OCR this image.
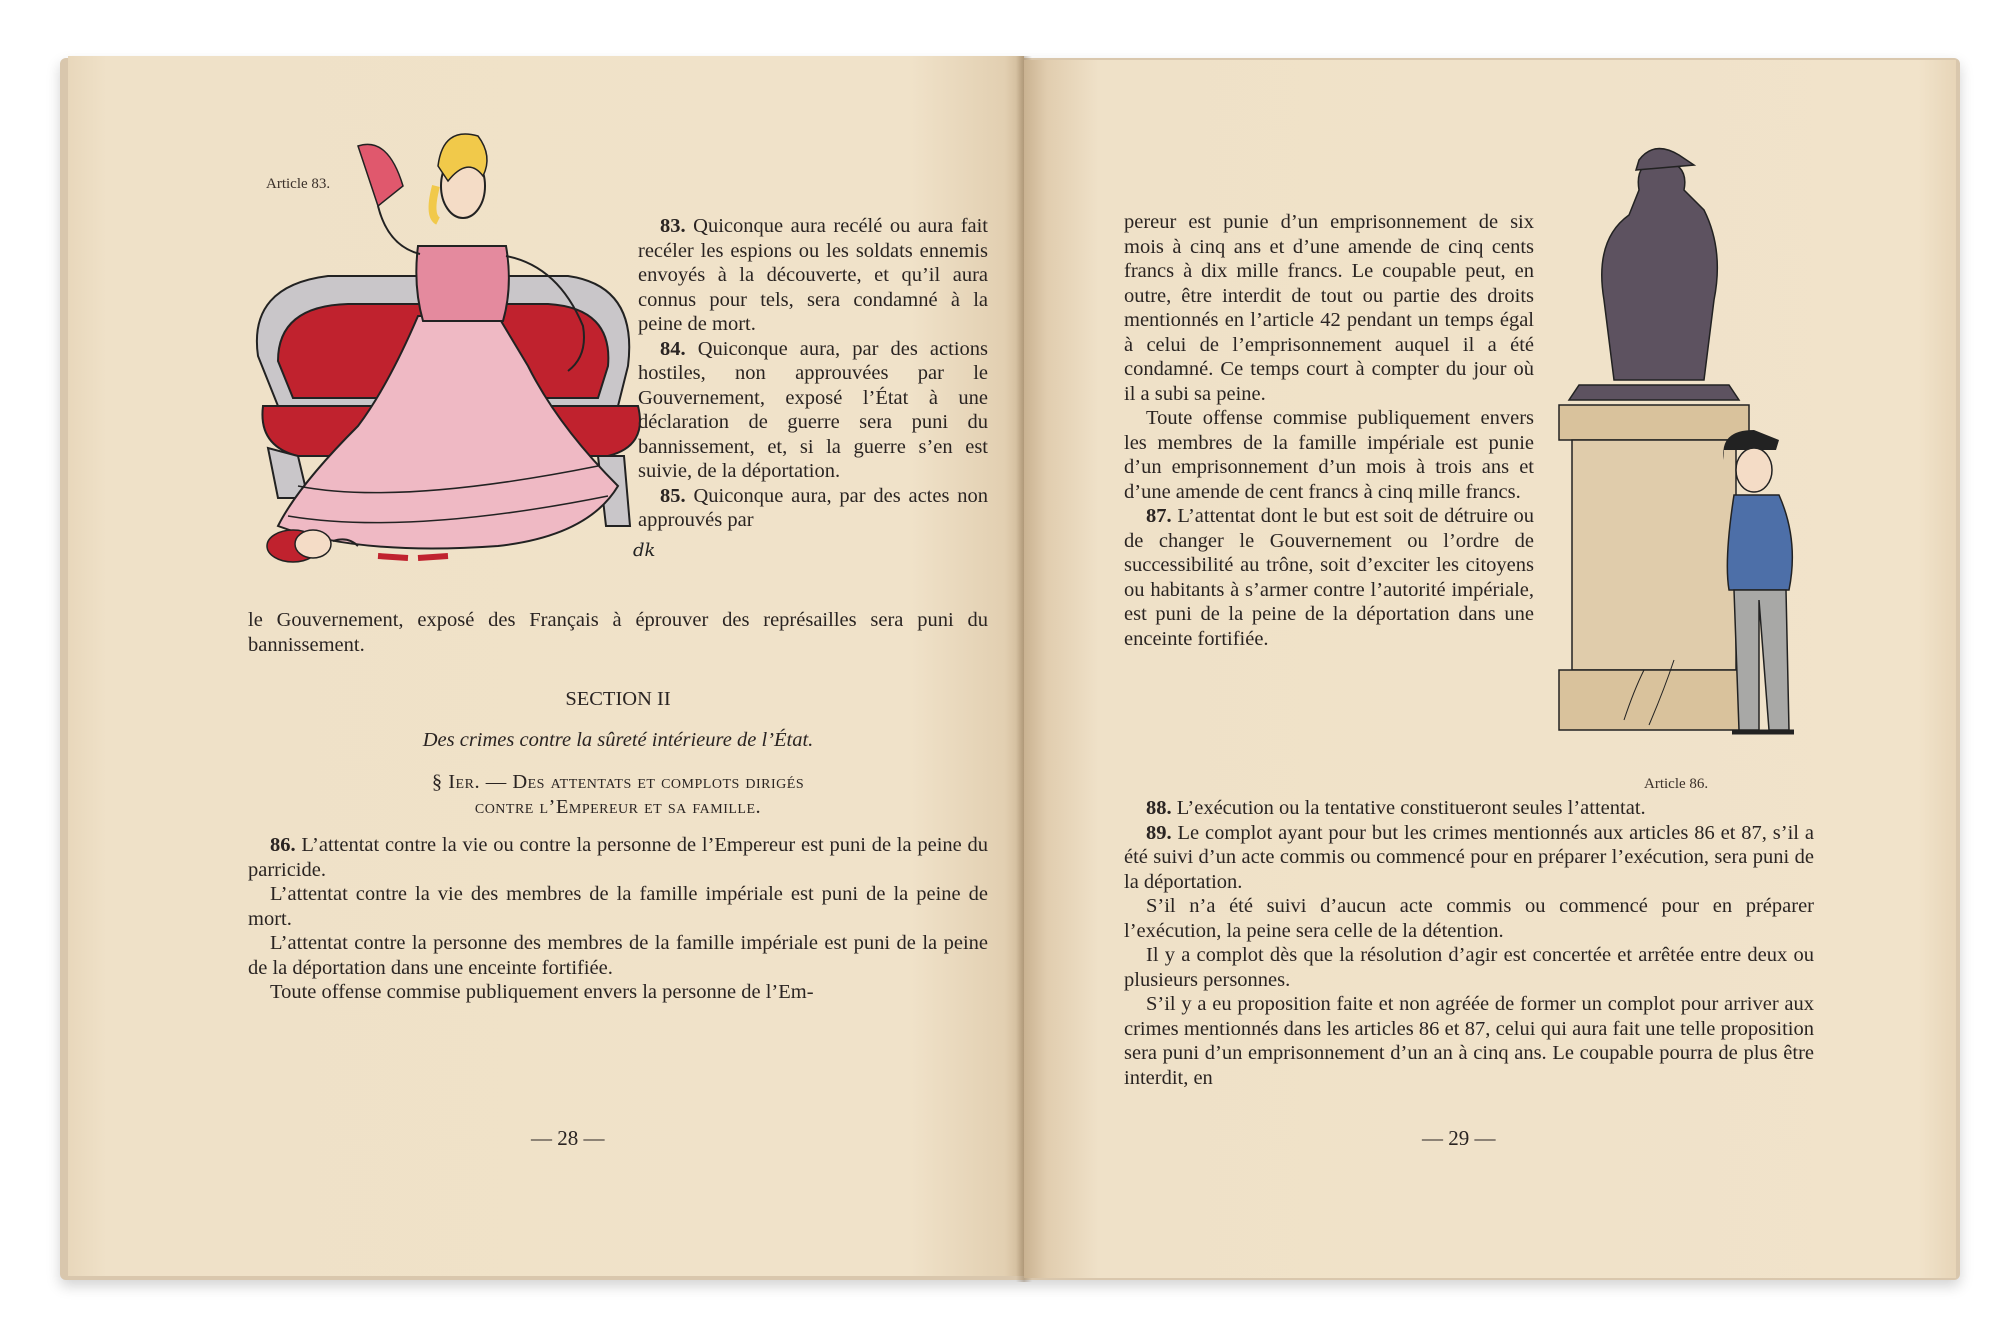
Article 83.
dk

83. Quiconque aura recélé ou aura fait recéler les espions ou les soldats ennemis envoyés à la découverte, et qu’il aura connus pour tels, sera condamné à la peine de mort.

84. Quiconque aura, par des actions hostiles, non approuvées par le Gouvernement, exposé l’État à une déclaration de guerre sera puni du bannissement, et, si la guerre s’en est suivie, de la déportation.

85. Quiconque aura, par des actes non approuvés par

le Gouvernement, exposé des Français à éprouver des représailles sera puni du bannissement.

SECTION II

Des crimes contre la sûreté intérieure de l’État.

§ Ier. — Des attentats et complots dirigés

contre l’Empereur et sa famille.

86. L’attentat contre la vie ou contre la personne de l’Empereur est puni de la peine du parricide.

L’attentat contre la vie des membres de la famille impériale est puni de la peine de mort.

L’attentat contre la personne des membres de la famille impériale est puni de la peine de la déportation dans une enceinte fortifiée.

Toute offense commise publiquement envers la personne de l’Em-

— 28 —

pereur est punie d’un emprisonnement de six mois à cinq ans et d’une amende de cinq cents francs à dix mille francs. Le coupable peut, en outre, être interdit de tout ou partie des droits mentionnés en l’article 42 pendant un temps égal à celui de l’emprisonnement auquel il a été condamné. Ce temps court à compter du jour où il a subi sa peine.

Toute offense commise publiquement envers les membres de la famille impériale est punie d’un emprisonnement d’un mois à trois ans et d’une amende de cent francs à cinq mille francs.

87. L’attentat dont le but est soit de détruire ou de changer le Gouvernement ou l’ordre de successibilité au trône, soit d’exciter les citoyens ou habitants à s’armer contre l’autorité impériale, est puni de la peine de la déportation dans une enceinte fortifiée.

Article 86.

88. L’exécution ou la tentative constitueront seules l’attentat.

89. Le complot ayant pour but les crimes mentionnés aux articles 86 et 87, s’il a été suivi d’un acte commis ou commencé pour en préparer l’exécution, sera puni de la déportation.

S’il n’a été suivi d’aucun acte commis ou commencé pour en préparer l’exécution, la peine sera celle de la détention.

Il y a complot dès que la résolution d’agir est concertée et arrêtée entre deux ou plusieurs personnes.

S’il y a eu proposition faite et non agréée de former un complot pour arriver aux crimes mentionnés dans les articles 86 et 87, celui qui aura fait une telle proposition sera puni d’un emprisonnement d’un an à cinq ans. Le coupable pourra de plus être interdit, en

— 29 —
